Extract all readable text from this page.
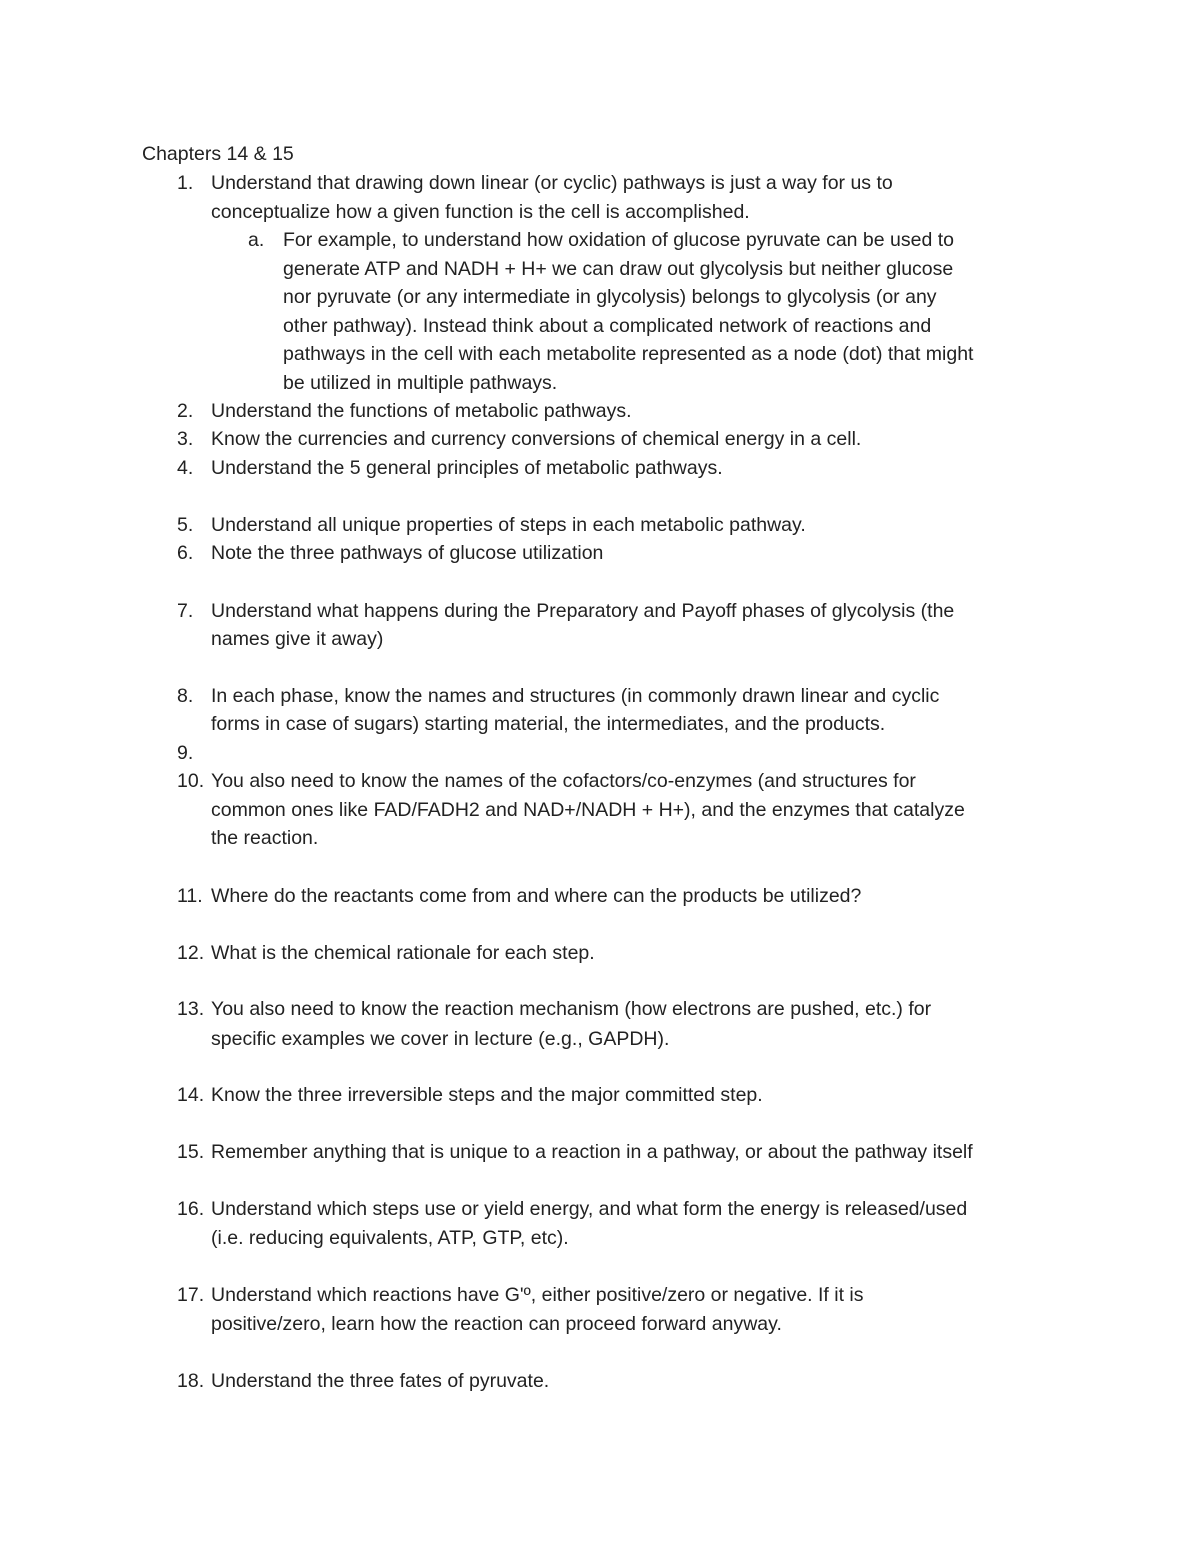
Chapters 14 & 15
1. Understand that drawing down linear (or cyclic) pathways is just a way for us to
conceptualize how a given function is the cell is accomplished.
a. For example, to understand how oxidation of glucose pyruvate can be used to
generate ATP and NADH + H+ we can draw out glycolysis but neither glucose
nor pyruvate (or any intermediate in glycolysis) belongs to glycolysis (or any
other pathway). Instead think about a complicated network of reactions and
pathways in the cell with each metabolite represented as a node (dot) that might
be utilized in multiple pathways.
2. Understand the functions of metabolic pathways.
3. Know the currencies and currency conversions of chemical energy in a cell.
4. Understand the 5 general principles of metabolic pathways.
5. Understand all unique properties of steps in each metabolic pathway.
6. Note the three pathways of glucose utilization
7. Understand what happens during the Preparatory and Payoff phases of glycolysis (the
names give it away)
8. In each phase, know the names and structures (in commonly drawn linear and cyclic
forms in case of sugars) starting material, the intermediates, and the products.
9.
10. You also need to know the names of the cofactors/co-enzymes (and structures for
common ones like FAD/FADH2 and NAD+/NADH + H+), and the enzymes that catalyze
the reaction.
11. Where do the reactants come from and where can the products be utilized?
12. What is the chemical rationale for each step.
13. You also need to know the reaction mechanism (how electrons are pushed, etc.) for
specific examples we cover in lecture (e.g., GAPDH).
14. Know the three irreversible steps and the major committed step.
15. Remember anything that is unique to a reaction in a pathway, or about the pathway itself
16. Understand which steps use or yield energy, and what form the energy is released/used
(i.e. reducing equivalents, ATP, GTP, etc).
17. Understand which reactions have G'º, either positive/zero or negative. If it is
positive/zero, learn how the reaction can proceed forward anyway.
18. Understand the three fates of pyruvate.
